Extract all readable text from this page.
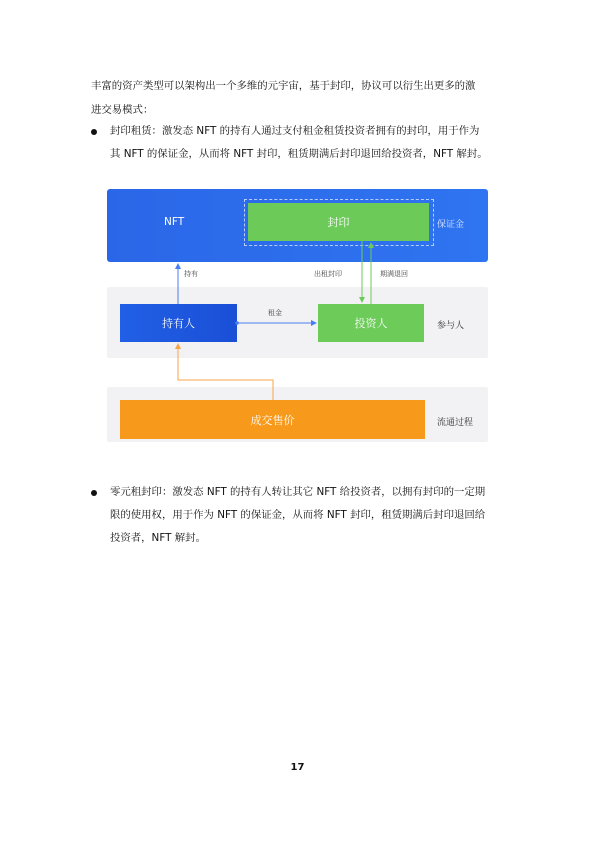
丰富的资产类型可以架构出一个多维的元宇宙，基于封印，协议可以衍生出更多的激
进交易模式：
封印租赁：激发态 NFT 的持有人通过支付租金租赁投资者拥有的封印，用于作为
其 NFT 的保证金，从而将 NFT 封印，租赁期满后封印退回给投资者，NFT 解封。
NFT	封印	保证金
持有人	投资人	参与人
成交售价	流通过程
持有	出租封印	期满退回
租金
零元租封印：激发态 NFT 的持有人转让其它 NFT 给投资者，以拥有封印的一定期
限的使用权，用于作为 NFT 的保证金，从而将 NFT 封印，租赁期满后封印退回给
投资者，NFT 解封。
17
